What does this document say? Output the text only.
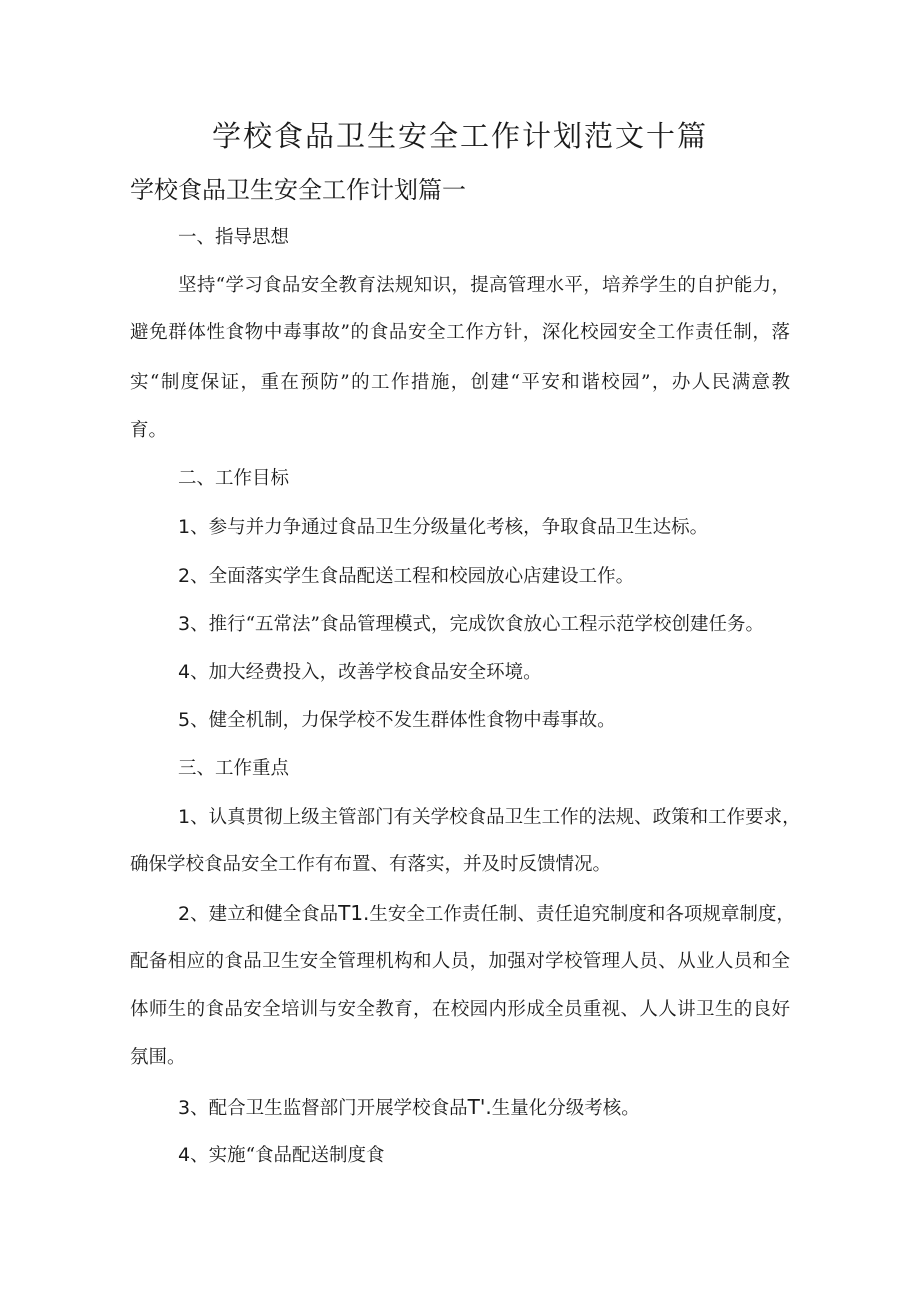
学校食品卫生安全工作计划范文十篇
学校食品卫生安全工作计划篇一

一、指导思想

坚持“学习食品安全教育法规知识，提高管理水平，培养学生的自护能力，

避免群体性食物中毒事故”的食品安全工作方针，深化校园安全工作责任制，落

实“制度保证，重在预防”的工作措施，创建“平安和谐校园”，办人民满意教

育。

二、工作目标

1、参与并力争通过食品卫生分级量化考核，争取食品卫生达标。

2、全面落实学生食品配送工程和校园放心店建设工作。

3、推行“五常法”食品管理模式，完成饮食放心工程示范学校创建任务。

4、加大经费投入，改善学校食品安全环境。

5、健全机制，力保学校不发生群体性食物中毒事故。

三、工作重点

1、认真贯彻上级主管部门有关学校食品卫生工作的法规、政策和工作要求，

确保学校食品安全工作有布置、有落实，并及时反馈情况。

2、建立和健全食品T1.生安全工作责任制、责任追究制度和各项规章制度，

配备相应的食品卫生安全管理机构和人员，加强对学校管理人员、从业人员和全

体师生的食品安全培训与安全教育，在校园内形成全员重视、人人讲卫生的良好

氛围。

3、配合卫生监督部门开展学校食品T'.生量化分级考核。

4、实施“食品配送制度食
